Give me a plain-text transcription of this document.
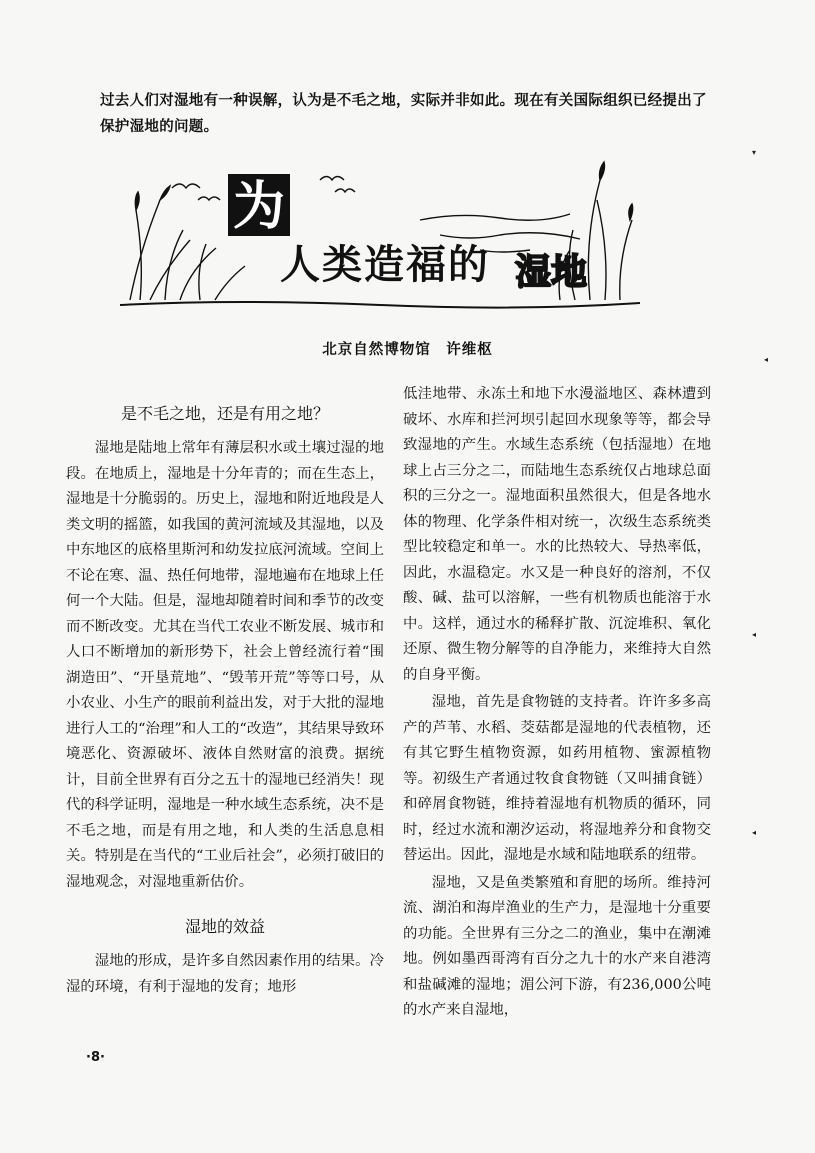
过去人们对湿地有一种误解，认为是不毛之地，实际并非如此。现在有关国际组织已经提出了保护湿地的问题。
为
人类造福的 湿地
北京自然博物馆　许维枢
是不毛之地，还是有用之地？

湿地是陆地上常年有薄层积水或土壤过湿的地段。在地质上，湿地是十分年青的；而在生态上，湿地是十分脆弱的。历史上，湿地和附近地段是人类文明的摇篮，如我国的黄河流域及其湿地，以及中东地区的底格里斯河和幼发拉底河流域。空间上不论在寒、温、热任何地带，湿地遍布在地球上任何一个大陆。但是，湿地却随着时间和季节的改变而不断改变。尤其在当代工农业不断发展、城市和人口不断增加的新形势下，社会上曾经流行着“围湖造田”、“开垦荒地”、“毁苇开荒”等等口号，从小农业、小生产的眼前利益出发，对于大批的湿地进行人工的“治理”和人工的“改造”，其结果导致环境恶化、资源破坏、液体自然财富的浪费。据统计，目前全世界有百分之五十的湿地已经消失！现代的科学证明，湿地是一种水域生态系统，决不是不毛之地，而是有用之地，和人类的生活息息相关。特别是在当代的“工业后社会”，必须打破旧的湿地观念，对湿地重新估价。

湿地的效益

湿地的形成，是许多自然因素作用的结果。冷湿的环境，有利于湿地的发育；地形

低洼地带、永冻土和地下水漫溢地区、森林遭到破坏、水库和拦河坝引起回水现象等等，都会导致湿地的产生。水域生态系统（包括湿地）在地球上占三分之二，而陆地生态系统仅占地球总面积的三分之一。湿地面积虽然很大，但是各地水体的物理、化学条件相对统一，次级生态系统类型比较稳定和单一。水的比热较大、导热率低，因此，水温稳定。水又是一种良好的溶剂，不仅酸、碱、盐可以溶解，一些有机物质也能溶于水中。这样，通过水的稀释扩散、沉淀堆积、氧化还原、微生物分解等的自净能力，来维持大自然的自身平衡。

湿地，首先是食物链的支持者。许许多多高产的芦苇、水稻、茭菇都是湿地的代表植物，还有其它野生植物资源，如药用植物、蜜源植物等。初级生产者通过牧食食物链（又叫捕食链）和碎屑食物链，维持着湿地有机物质的循环，同时，经过水流和潮汐运动，将湿地养分和食物交替运出。因此，湿地是水域和陆地联系的纽带。

湿地，又是鱼类繁殖和育肥的场所。维持河流、湖泊和海岸渔业的生产力，是湿地十分重要的功能。全世界有三分之二的渔业，集中在潮滩地。例如墨西哥湾有百分之九十的水产来自港湾和盐碱滩的湿地；湄公河下游，有236,000公吨的水产来自湿地，

·8·
▾
◂
◂
◂
